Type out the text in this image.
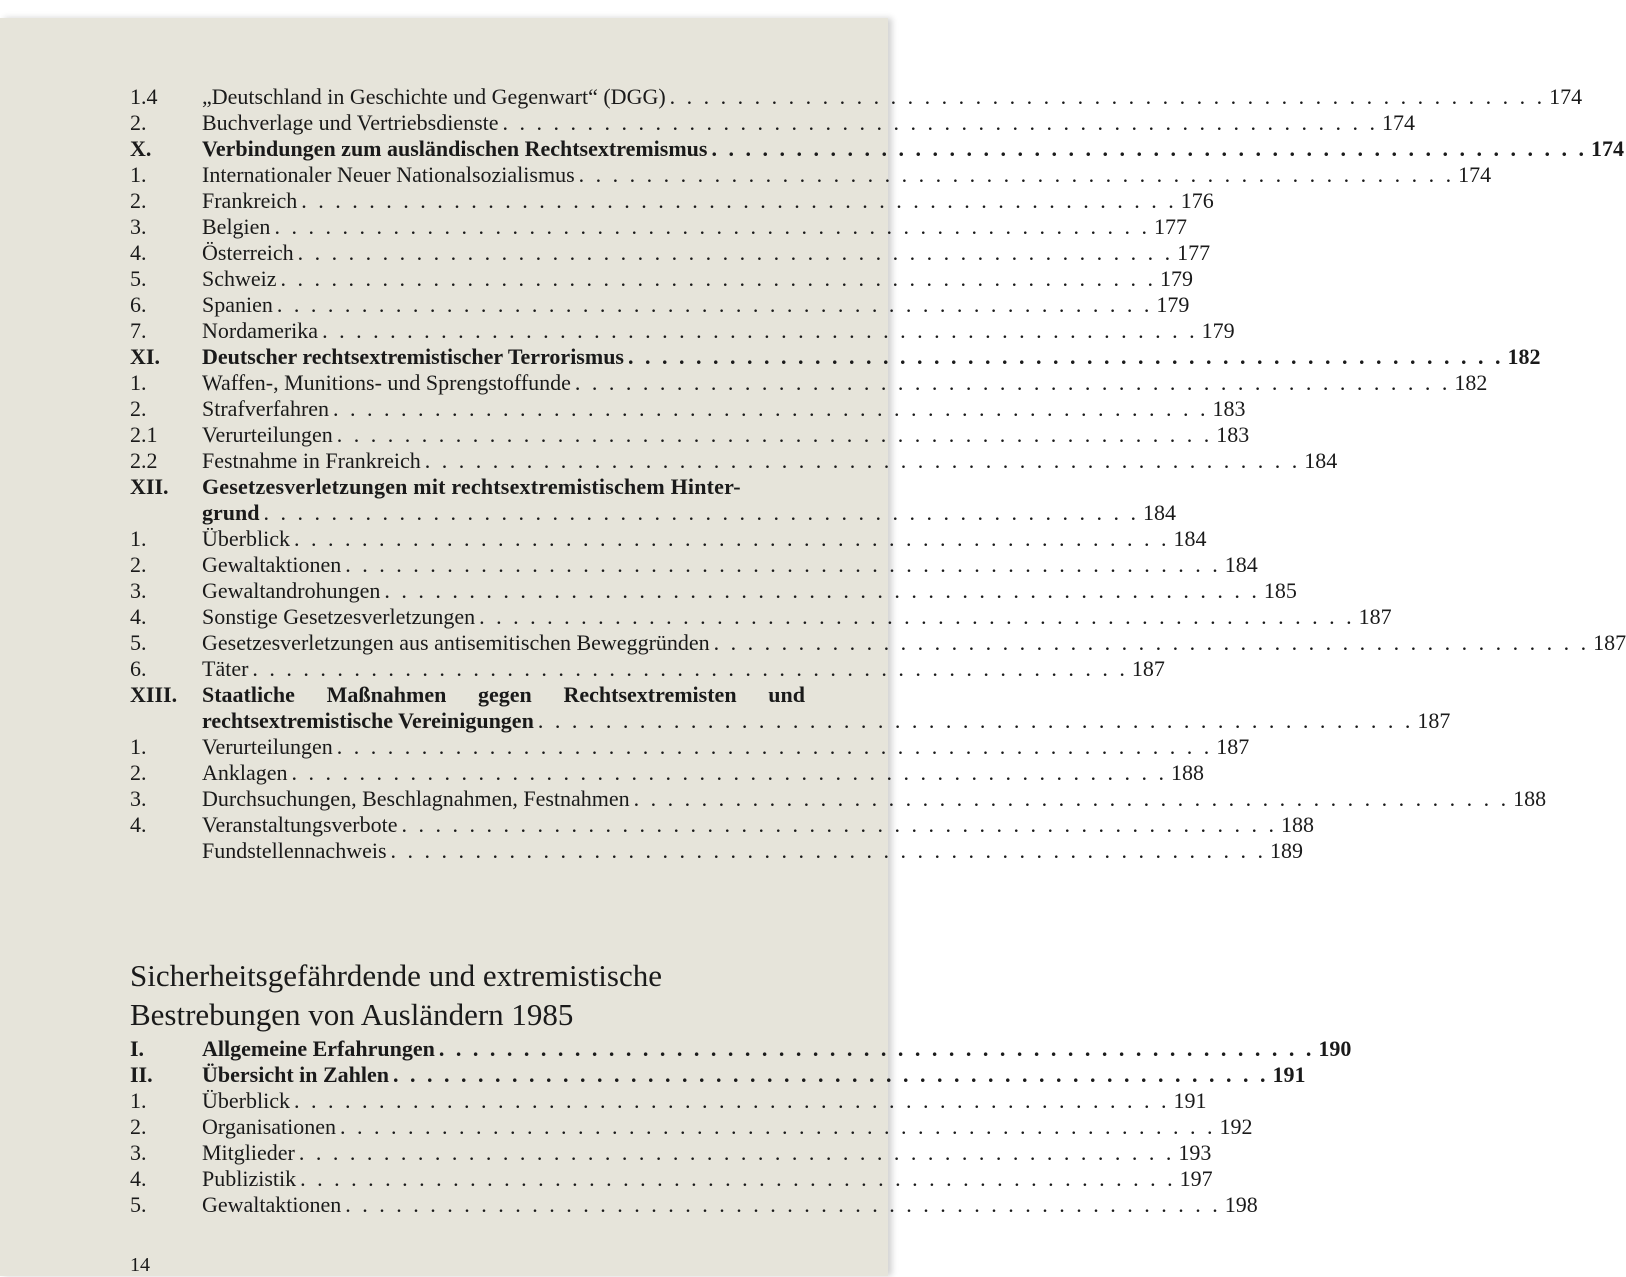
1.4 „Deutschland in Geschichte und Gegenwart“ (DGG) . . . . . . . . . . . . . . . . . . . . . . . . . . . . . . . . . . . . . . . . . . . . . . . . . . . . 174
2.	Buchverlage und Vertriebsdienste . . . . . . . . . . . . . . . . . . . . . . . . . . . . . . . . . . . . . . . . . . . . . . . . . . . . 174
X. Verbindungen zum ausländischen Rechtsextremismus . . . . . . . . . . . . . . . . . . . . . . . . . . . . . . . . . . . . . . . . . . . . . . . . . . . . 174
1.	Internationaler Neuer Nationalsozialismus . . . . . . . . . . . . . . . . . . . . . . . . . . . . . . . . . . . . . . . . . . . . . . . . . . . . 174
2.	Frankreich . . . . . . . . . . . . . . . . . . . . . . . . . . . . . . . . . . . . . . . . . . . . . . . . . . . . 176
3.	Belgien . . . . . . . . . . . . . . . . . . . . . . . . . . . . . . . . . . . . . . . . . . . . . . . . . . . . 177
4.	Österreich . . . . . . . . . . . . . . . . . . . . . . . . . . . . . . . . . . . . . . . . . . . . . . . . . . . . 177
5.	Schweiz . . . . . . . . . . . . . . . . . . . . . . . . . . . . . . . . . . . . . . . . . . . . . . . . . . . . 179
6.	Spanien . . . . . . . . . . . . . . . . . . . . . . . . . . . . . . . . . . . . . . . . . . . . . . . . . . . . 179
7.	Nordamerika . . . . . . . . . . . . . . . . . . . . . . . . . . . . . . . . . . . . . . . . . . . . . . . . . . . . 179
XI. Deutscher rechtsextremistischer Terrorismus . . . . . . . . . . . . . . . . . . . . . . . . . . . . . . . . . . . . . . . . . . . . . . . . . . . . 182
1.	Waffen-, Munitions- und Sprengstoffunde . . . . . . . . . . . . . . . . . . . . . . . . . . . . . . . . . . . . . . . . . . . . . . . . . . . . 182
2.	Strafverfahren . . . . . . . . . . . . . . . . . . . . . . . . . . . . . . . . . . . . . . . . . . . . . . . . . . . . 183
2.1 Verurteilungen . . . . . . . . . . . . . . . . . . . . . . . . . . . . . . . . . . . . . . . . . . . . . . . . . . . . 183
2.2 Festnahme in Frankreich . . . . . . . . . . . . . . . . . . . . . . . . . . . . . . . . . . . . . . . . . . . . . . . . . . . . 184
XII. Gesetzesverletzungen mit rechtsextremistischem Hinter-
grund . . . . . . . . . . . . . . . . . . . . . . . . . . . . . . . . . . . . . . . . . . . . . . . . . . . . 184
1.	Überblick . . . . . . . . . . . . . . . . . . . . . . . . . . . . . . . . . . . . . . . . . . . . . . . . . . . . 184
2.	Gewaltaktionen . . . . . . . . . . . . . . . . . . . . . . . . . . . . . . . . . . . . . . . . . . . . . . . . . . . . 184
3.	Gewaltandrohungen . . . . . . . . . . . . . . . . . . . . . . . . . . . . . . . . . . . . . . . . . . . . . . . . . . . . 185
4.	Sonstige Gesetzesverletzungen . . . . . . . . . . . . . . . . . . . . . . . . . . . . . . . . . . . . . . . . . . . . . . . . . . . . 187
5.	Gesetzesverletzungen aus antisemitischen Beweggründen . . . . . . . . . . . . . . . . . . . . . . . . . . . . . . . . . . . . . . . . . . . . . . . . . . . . 187
6.	Täter . . . . . . . . . . . . . . . . . . . . . . . . . . . . . . . . . . . . . . . . . . . . . . . . . . . . 187
XIII. Staatliche Maßnahmen gegen Rechtsextremisten und
rechtsextremistische Vereinigungen . . . . . . . . . . . . . . . . . . . . . . . . . . . . . . . . . . . . . . . . . . . . . . . . . . . . 187
1.	Verurteilungen . . . . . . . . . . . . . . . . . . . . . . . . . . . . . . . . . . . . . . . . . . . . . . . . . . . . 187
2.	Anklagen . . . . . . . . . . . . . . . . . . . . . . . . . . . . . . . . . . . . . . . . . . . . . . . . . . . . 188
3.	Durchsuchungen, Beschlagnahmen, Festnahmen . . . . . . . . . . . . . . . . . . . . . . . . . . . . . . . . . . . . . . . . . . . . . . . . . . . . 188
4.	Veranstaltungsverbote . . . . . . . . . . . . . . . . . . . . . . . . . . . . . . . . . . . . . . . . . . . . . . . . . . . . 188
Fundstellennachweis . . . . . . . . . . . . . . . . . . . . . . . . . . . . . . . . . . . . . . . . . . . . . . . . . . . . 189
Sicherheitsgefährdende und extremistische
Bestrebungen von Ausländern 1985
I.	Allgemeine Erfahrungen . . . . . . . . . . . . . . . . . . . . . . . . . . . . . . . . . . . . . . . . . . . . . . . . . . . . 190
II. Übersicht in Zahlen . . . . . . . . . . . . . . . . . . . . . . . . . . . . . . . . . . . . . . . . . . . . . . . . . . . . 191
1.	Überblick . . . . . . . . . . . . . . . . . . . . . . . . . . . . . . . . . . . . . . . . . . . . . . . . . . . . 191
2.	Organisationen . . . . . . . . . . . . . . . . . . . . . . . . . . . . . . . . . . . . . . . . . . . . . . . . . . . . 192
3.	Mitglieder . . . . . . . . . . . . . . . . . . . . . . . . . . . . . . . . . . . . . . . . . . . . . . . . . . . . 193
4.	Publizistik . . . . . . . . . . . . . . . . . . . . . . . . . . . . . . . . . . . . . . . . . . . . . . . . . . . . 197
5.	Gewaltaktionen . . . . . . . . . . . . . . . . . . . . . . . . . . . . . . . . . . . . . . . . . . . . . . . . . . . . 198
14
